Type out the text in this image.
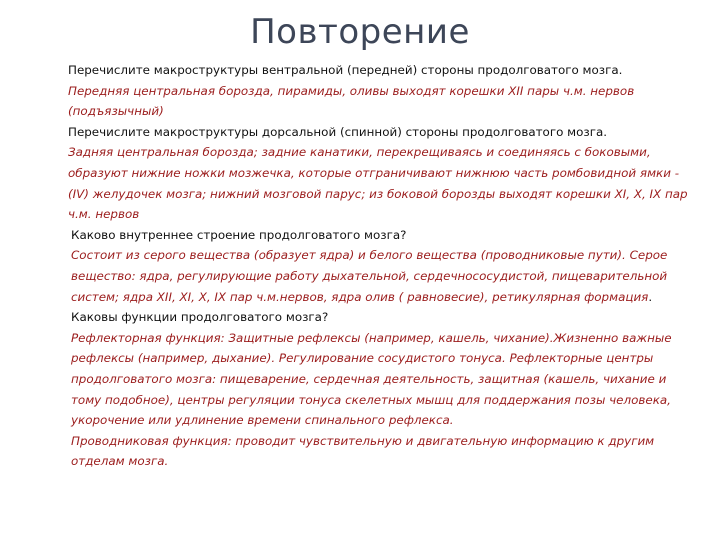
Повторение

Перечислите макроструктуры вентральной (передней) стороны продолговатого мозга.

Передняя центральная борозда, пирамиды, оливы выходят корешки XII пары ч.м. нервов (подъязычный)

Перечислите макроструктуры дорсальной (спинной) стороны продолговатого мозга.

Задняя центральная борозда; задние канатики, перекрещиваясь и соединяясь с боковыми, образуют нижние ножки мозжечка, которые отграничивают нижнюю часть ромбовидной ямки - (IV) желудочек мозга; нижний мозговой парус; из боковой борозды выходят корешки XI, X, IX пар ч.м. нервов

Каково внутреннее строение продолговатого мозга?

Состоит из серого вещества (образует ядра) и белого вещества (проводниковые пути). Серое вещество: ядра, регулирующие работу дыхательной, сердечнососудистой, пищеварительной систем; ядра XII, XI, X, IX пар ч.м.нервов, ядра олив ( равновесие), ретикулярная формация.

Каковы функции продолговатого мозга?

Рефлекторная функция: Защитные рефлексы (например, кашель, чихание).Жизненно важные рефлексы (например, дыхание). Регулирование сосудистого тонуса. Рефлекторные центры продолговатого мозга: пищеварение, сердечная деятельность, защитная (кашель, чихание и тому подобное), центры регуляции тонуса скелетных мышц для поддержания позы человека, укорочение или удлинение времени спинального рефлекса.

Проводниковая функция: проводит чувствительную и двигательную информацию к другим отделам мозга.
